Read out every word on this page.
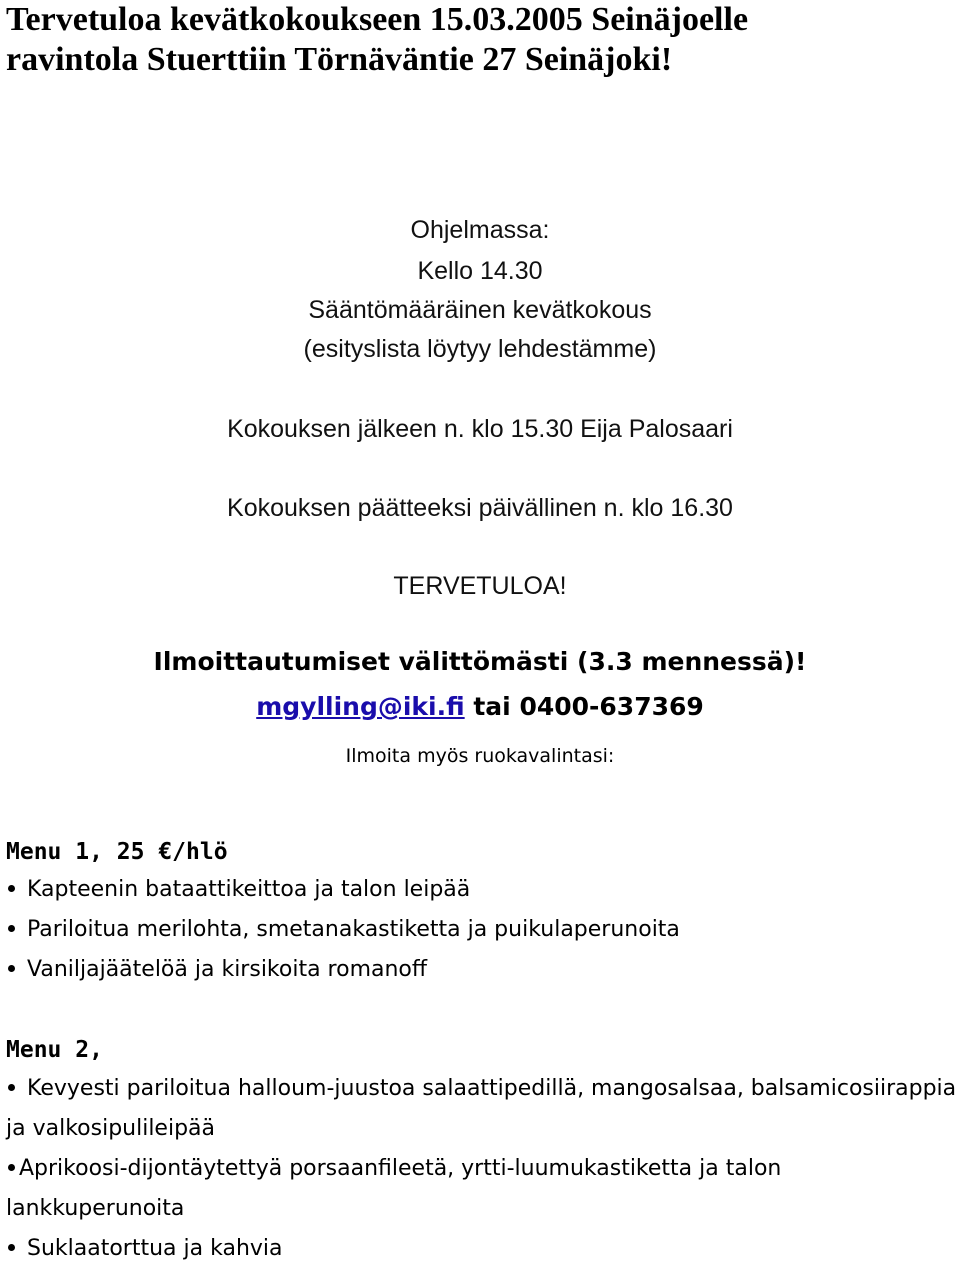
Tervetuloa kevätkokoukseen 15.03.2005 Seinäjoelle
ravintola Stuerttiin Törnäväntie 27 Seinäjoki!
Ohjelmassa:
Kello 14.30
Sääntömääräinen kevätkokous
(esityslista löytyy lehdestämme)
Kokouksen jälkeen n. klo 15.30 Eija Palosaari
Kokouksen päätteeksi päivällinen n. klo 16.30
TERVETULOA!
Ilmoittautumiset välittömästi (3.3 mennessä)!
mgylling@iki.fi tai 0400-637369
Ilmoita myös ruokavalintasi:
Menu 1, 25 €/hlö
Kapteenin bataattikeittoa ja talon leipää
Pariloitua merilohta, smetanakastiketta ja puikulaperunoita
Vaniljajäätelöä ja kirsikoita romanoff
Menu 2,
Kevyesti pariloitua halloum-juustoa salaattipedillä, mangosalsaa, balsamicosiirappia ja valkosipulileipää
Aprikoosi-dijontäytettyä porsaanfileetä, yrtti-luumukastiketta ja talon lankkuperunoita
Suklaatorttua ja kahvia
